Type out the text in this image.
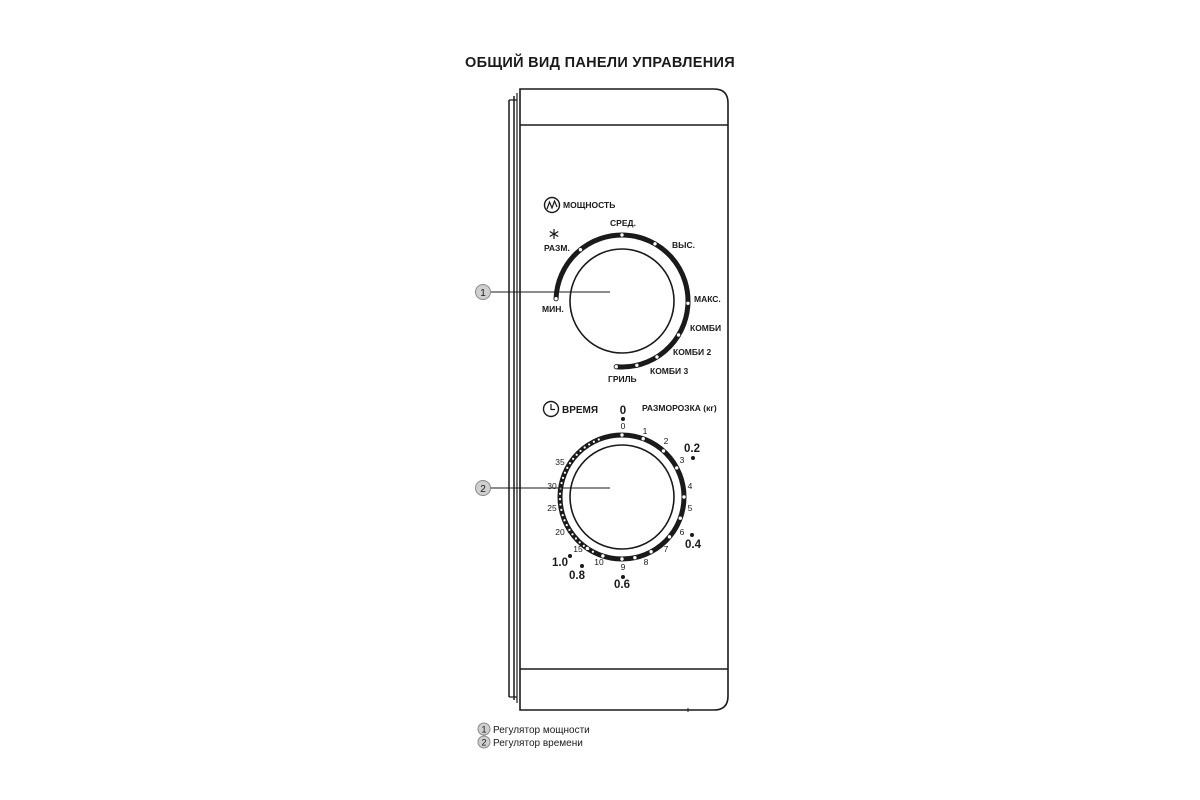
ОБЩИЙ ВИД ПАНЕЛИ УПРАВЛЕНИЯ
МОЩНОСТЬ
МИН.
РАЗМ.
СРЕД.
ВЫС.
МАКС.
КОМБИ
КОМБИ 2
КОМБИ 3
ГРИЛЬ
1
ВРЕМЯ	РАЗМОРОЗКА (кг)
0 1
2
3
4
5
6
7
8
9
10
15
20
25
30
35
0
0.2
0.4
0.6
0.8
1.0
2
1 Регулятор мощности
2 Регулятор времени
